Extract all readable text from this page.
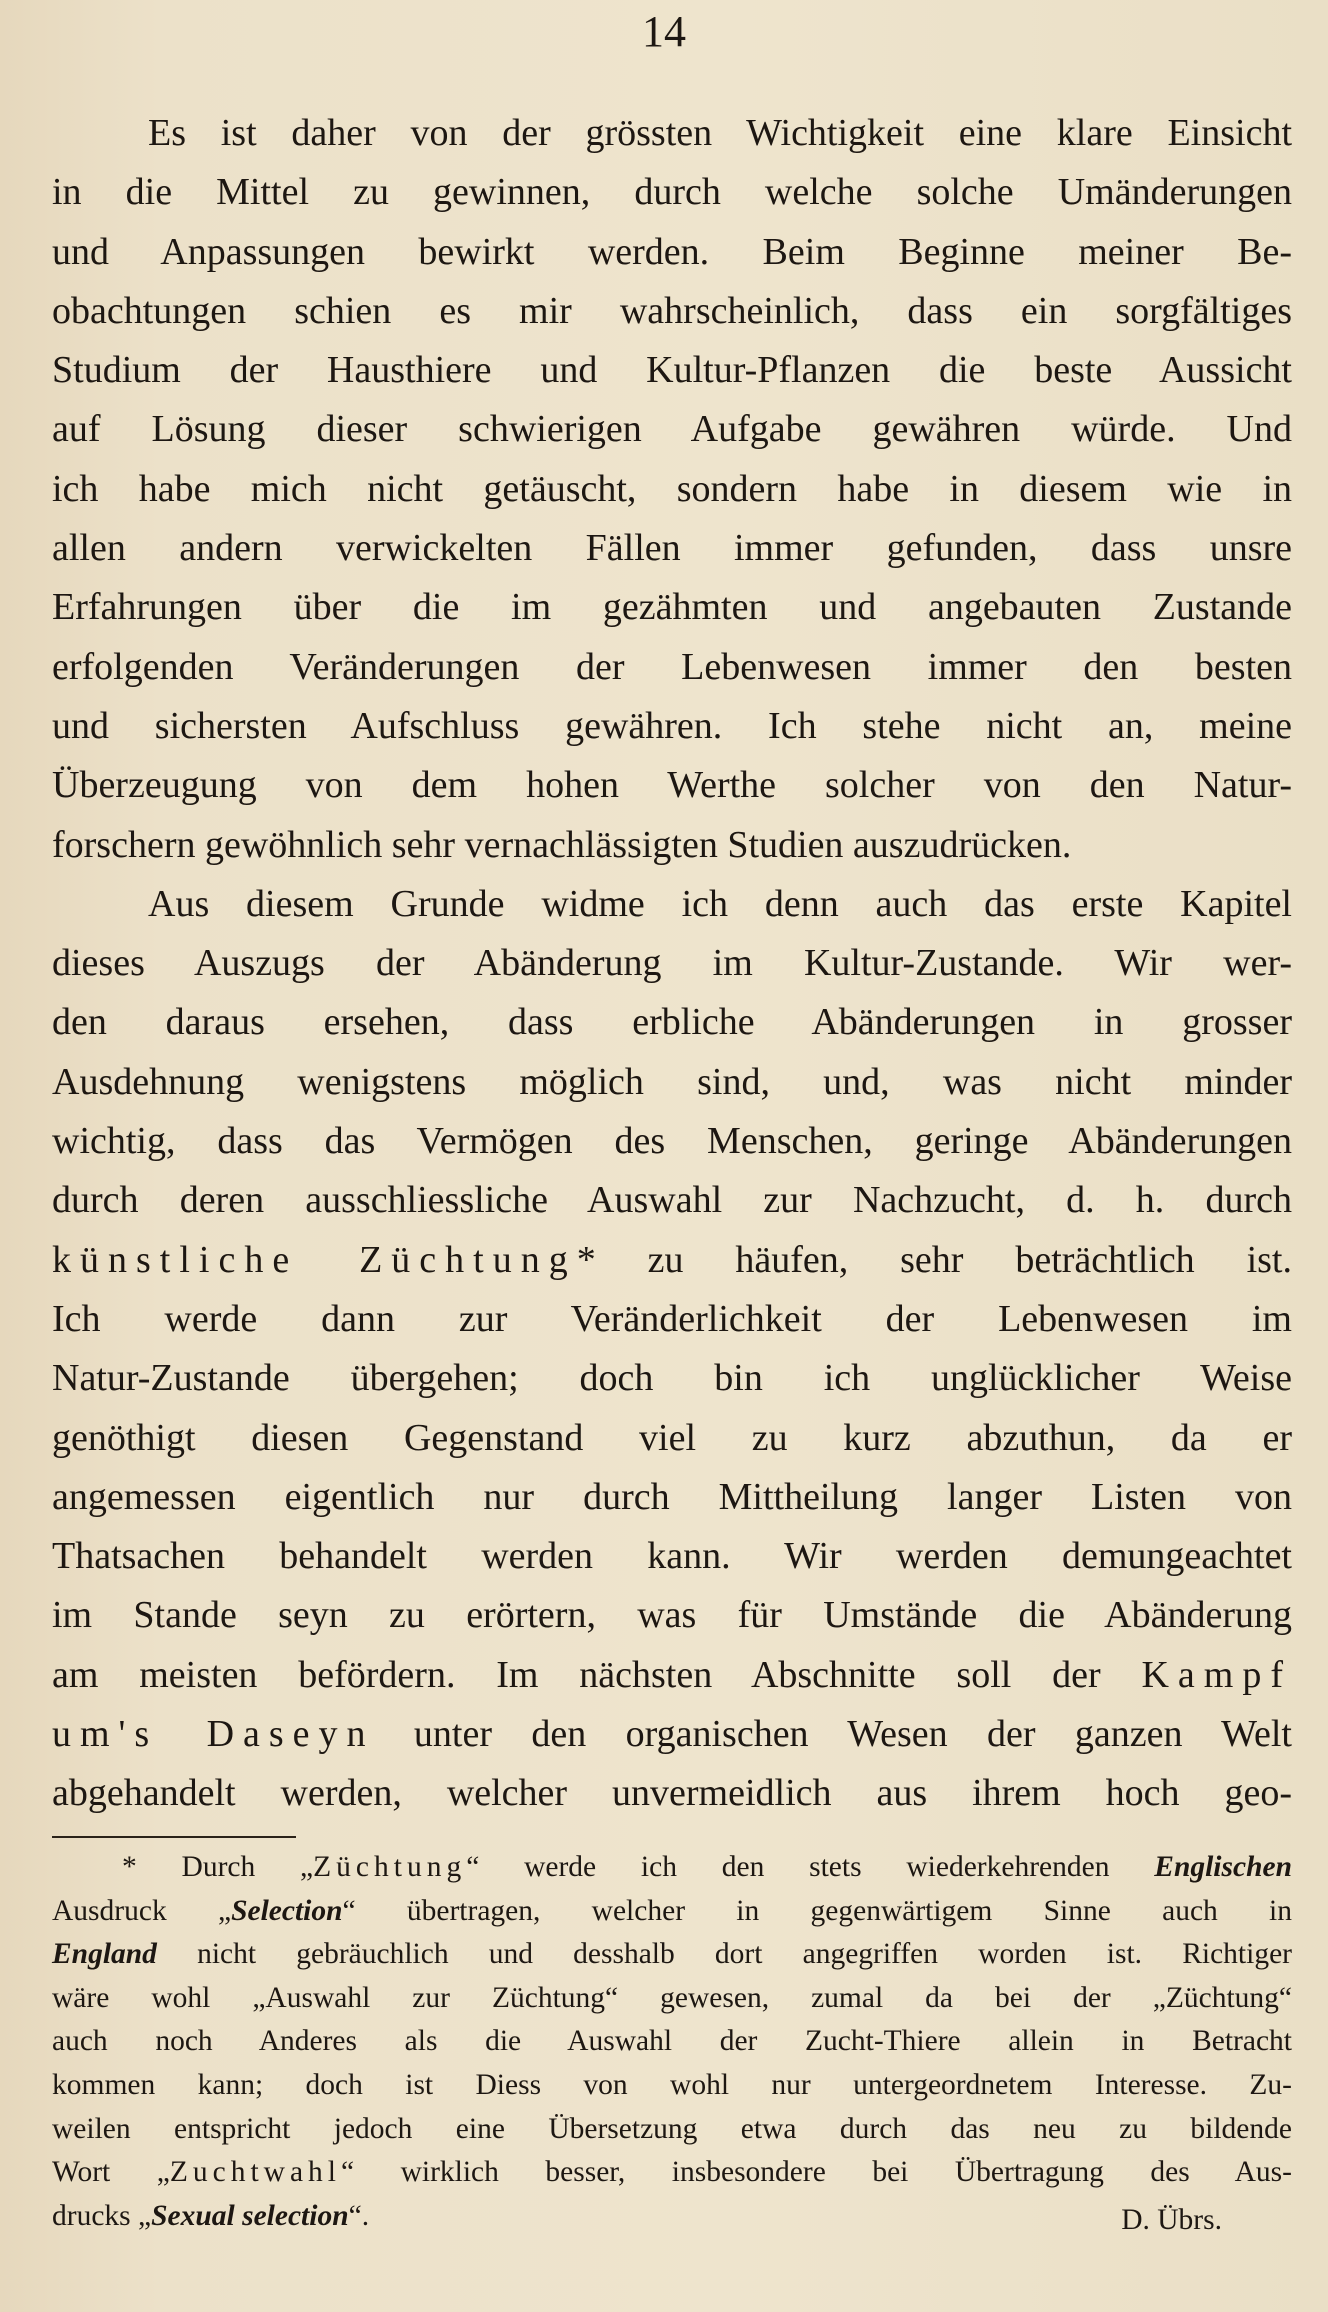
14
Es ist daher von der grössten Wichtigkeit eine klare Einsicht
in die Mittel zu gewinnen, durch welche solche Umänderungen
und Anpassungen bewirkt werden. Beim Beginne meiner Be-
obachtungen schien es mir wahrscheinlich, dass ein sorgfältiges
Studium der Hausthiere und Kultur-Pflanzen die beste Aussicht
auf Lösung dieser schwierigen Aufgabe gewähren würde. Und
ich habe mich nicht getäuscht, sondern habe in diesem wie in
allen andern verwickelten Fällen immer gefunden, dass unsre
Erfahrungen über die im gezähmten und angebauten Zustande
erfolgenden Veränderungen der Lebenwesen immer den besten
und sichersten Aufschluss gewähren. Ich stehe nicht an, meine
Überzeugung von dem hohen Werthe solcher von den Natur-
forschern gewöhnlich sehr vernachlässigten Studien auszudrücken.
Aus diesem Grunde widme ich denn auch das erste Kapitel
dieses Auszugs der Abänderung im Kultur-Zustande. Wir wer-
den daraus ersehen, dass erbliche Abänderungen in grosser
Ausdehnung wenigstens möglich sind, und, was nicht minder
wichtig, dass das Vermögen des Menschen, geringe Abänderungen
durch deren ausschliessliche Auswahl zur Nachzucht, d. h. durch
künstliche Züchtung* zu häufen, sehr beträchtlich ist.
Ich werde dann zur Veränderlichkeit der Lebenwesen im
Natur-Zustande übergehen; doch bin ich unglücklicher Weise
genöthigt diesen Gegenstand viel zu kurz abzuthun, da er
angemessen eigentlich nur durch Mittheilung langer Listen von
Thatsachen behandelt werden kann. Wir werden demungeachtet
im Stande seyn zu erörtern, was für Umstände die Abänderung
am meisten befördern. Im nächsten Abschnitte soll der Kampf
um's Daseyn unter den organischen Wesen der ganzen Welt
abgehandelt werden, welcher unvermeidlich aus ihrem hoch geo-
* Durch „Züchtung“ werde ich den stets wiederkehrenden Englischen
Ausdruck „Selection“ übertragen, welcher in gegenwärtigem Sinne auch in
England nicht gebräuchlich und desshalb dort angegriffen worden ist. Richtiger
wäre wohl „Auswahl zur Züchtung“ gewesen, zumal da bei der „Züchtung“
auch noch Anderes als die Auswahl der Zucht-Thiere allein in Betracht
kommen kann; doch ist Diess von wohl nur untergeordnetem Interesse. Zu-
weilen entspricht jedoch eine Übersetzung etwa durch das neu zu bildende
Wort „Zuchtwahl“ wirklich besser, insbesondere bei Übertragung des Aus-
drucks „Sexual selection“.	D. Übrs.
